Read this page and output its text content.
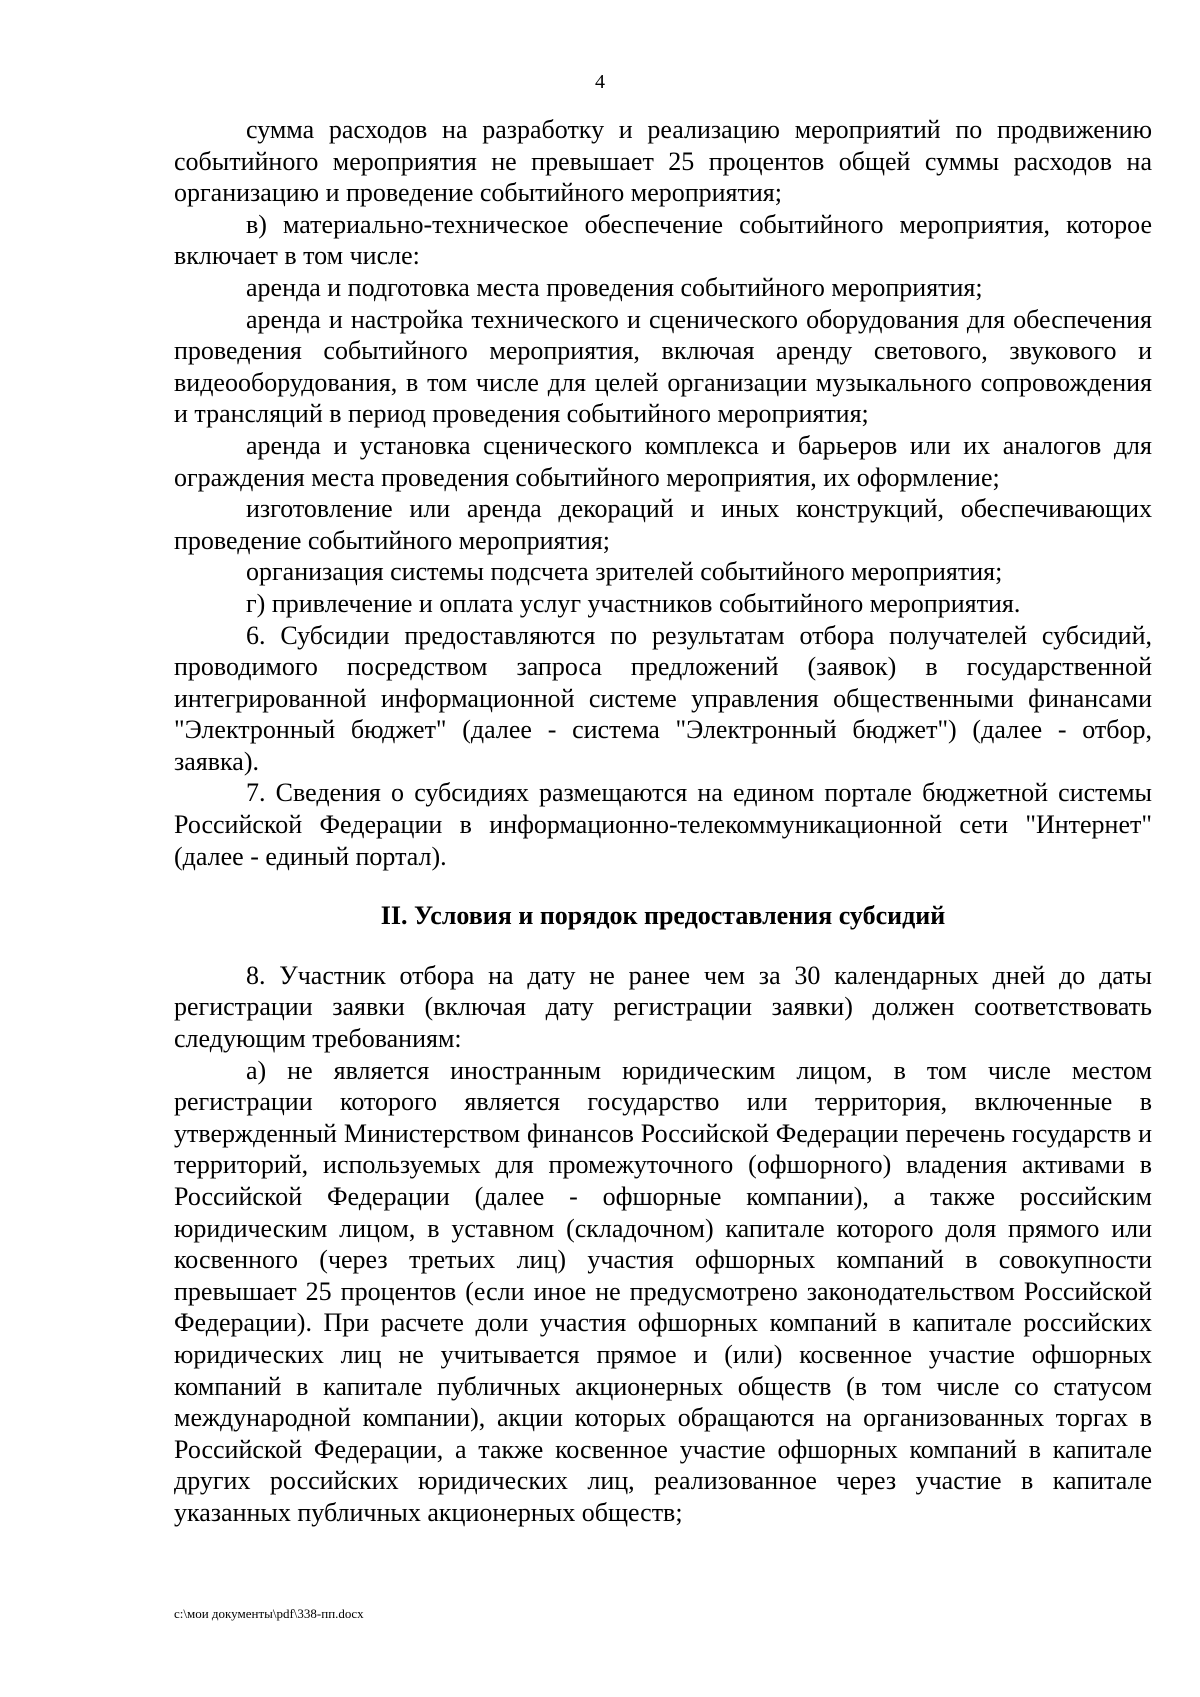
4

сумма расходов на разработку и реализацию мероприятий по продвижению событийного мероприятия не превышает 25 процентов общей суммы расходов на организацию и проведение событийного мероприятия;

в) материально-техническое обеспечение событийного мероприятия, которое включает в том числе:

аренда и подготовка места проведения событийного мероприятия;

аренда и настройка технического и сценического оборудования для обеспечения проведения событийного мероприятия, включая аренду светового, звукового и видеооборудования, в том числе для целей организации музыкального сопровождения и трансляций в период проведения событийного мероприятия;

аренда и установка сценического комплекса и барьеров или их аналогов для ограждения места проведения событийного мероприятия, их оформление;

изготовление или аренда декораций и иных конструкций, обеспечивающих проведение событийного мероприятия;

организация системы подсчета зрителей событийного мероприятия;

г) привлечение и оплата услуг участников событийного мероприятия.

6. Субсидии предоставляются по результатам отбора получателей субсидий, проводимого посредством запроса предложений (заявок) в государственной интегрированной информационной системе управления общественными финансами "Электронный бюджет" (далее - система "Электронный бюджет") (далее - отбор, заявка).

7. Сведения о субсидиях размещаются на едином портале бюджетной системы Российской Федерации в информационно-телекоммуникационной сети "Интернет" (далее - единый портал).

II. Условия и порядок предоставления субсидий

8. Участник отбора на дату не ранее чем за 30 календарных дней до даты регистрации заявки (включая дату регистрации заявки) должен соответствовать следующим требованиям:

а) не является иностранным юридическим лицом, в том числе местом регистрации которого является государство или территория, включенные в утвержденный Министерством финансов Российской Федерации перечень государств и территорий, используемых для промежуточного (офшорного) владения активами в Российской Федерации (далее - офшорные компании), а также российским юридическим лицом, в уставном (складочном) капитале которого доля прямого или косвенного (через третьих лиц) участия офшорных компаний в совокупности превышает 25 процентов (если иное не предусмотрено законодательством Российской Федерации). При расчете доли участия офшорных компаний в капитале российских юридических лиц не учитывается прямое и (или) косвенное участие офшорных компаний в капитале публичных акционерных обществ (в том числе со статусом международной компании), акции которых обращаются на организованных торгах в Российской Федерации, а также косвенное участие офшорных компаний в капитале других российских юридических лиц, реализованное через участие в капитале указанных публичных акционерных обществ;

c:\мои документы\pdf\338-пп.docx
